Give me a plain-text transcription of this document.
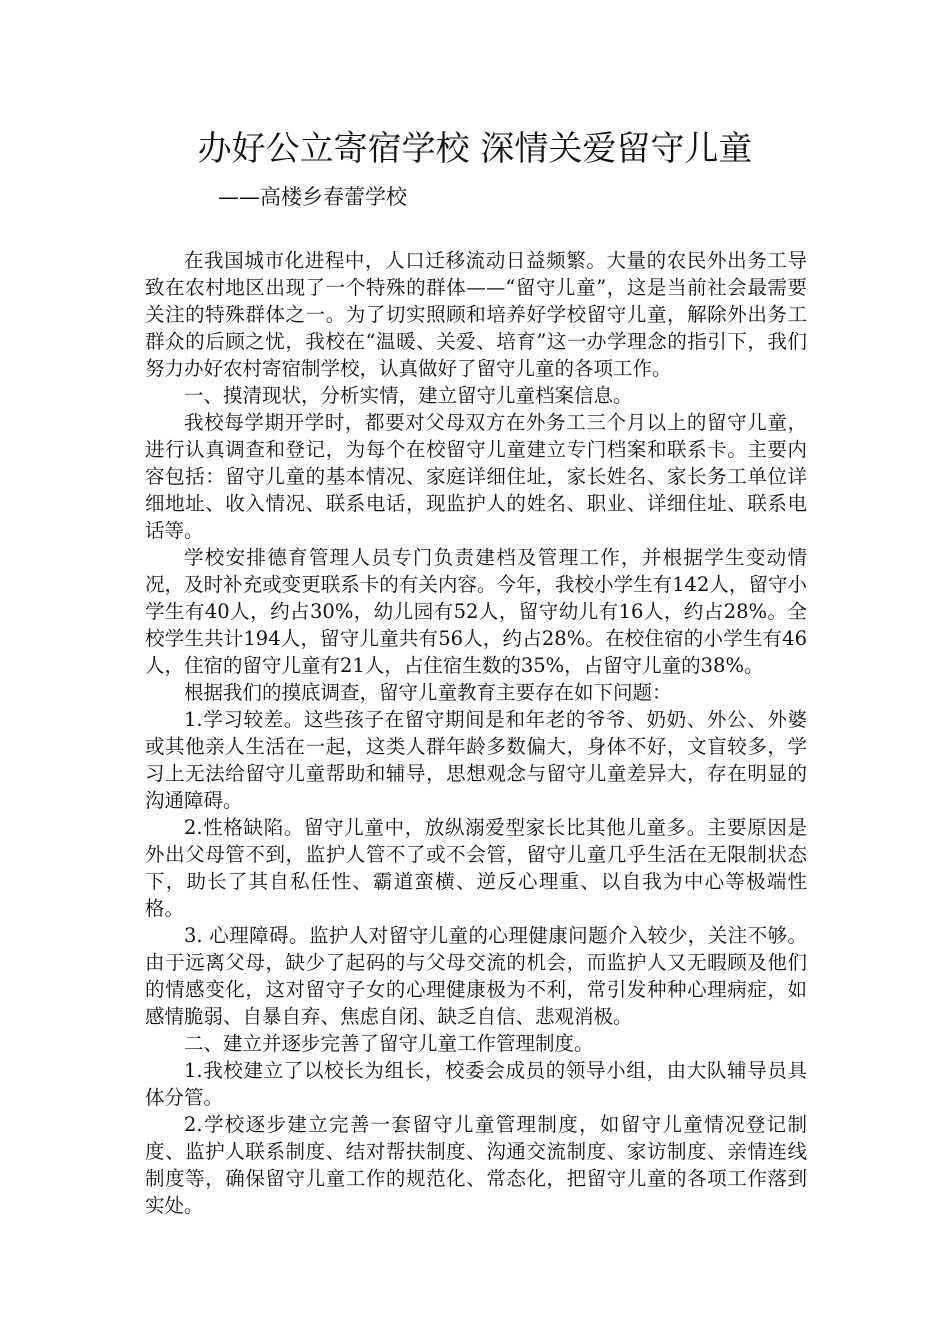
办好公立寄宿学校 深情关爱留守儿童
——高楼乡春蕾学校

在我国城市化进程中，人口迁移流动日益频繁。大量的农民外出务工导致在农村地区出现了一个特殊的群体——“留守儿童”，这是当前社会最需要关注的特殊群体之一。为了切实照顾和培养好学校留守儿童，解除外出务工群众的后顾之忧，我校在“温暖、关爱、培育”这一办学理念的指引下，我们努力办好农村寄宿制学校，认真做好了留守儿童的各项工作。

一、摸清现状，分析实情，建立留守儿童档案信息。

我校每学期开学时，都要对父母双方在外务工三个月以上的留守儿童，进行认真调查和登记，为每个在校留守儿童建立专门档案和联系卡。主要内容包括：留守儿童的基本情况、家庭详细住址，家长姓名、家长务工单位详细地址、收入情况、联系电话，现监护人的姓名、职业、详细住址、联系电话等。

学校安排德育管理人员专门负责建档及管理工作，并根据学生变动情况，及时补充或变更联系卡的有关内容。今年，我校小学生有142人，留守小学生有40人，约占30%，幼儿园有52人，留守幼儿有16人，约占28%。全校学生共计194人，留守儿童共有56人，约占28%。在校住宿的小学生有46人，住宿的留守儿童有21人，占住宿生数的35%，占留守儿童的38%。

根据我们的摸底调查，留守儿童教育主要存在如下问题：

1.学习较差。这些孩子在留守期间是和年老的爷爷、奶奶、外公、外婆或其他亲人生活在一起，这类人群年龄多数偏大，身体不好，文盲较多，学习上无法给留守儿童帮助和辅导，思想观念与留守儿童差异大，存在明显的沟通障碍。

2.性格缺陷。留守儿童中，放纵溺爱型家长比其他儿童多。主要原因是外出父母管不到，监护人管不了或不会管，留守儿童几乎生活在无限制状态下，助长了其自私任性、霸道蛮横、逆反心理重、以自我为中心等极端性格。

3. 心理障碍。监护人对留守儿童的心理健康问题介入较少，关注不够。由于远离父母，缺少了起码的与父母交流的机会，而监护人又无暇顾及他们的情感变化，这对留守子女的心理健康极为不利，常引发种种心理病症，如感情脆弱、自暴自弃、焦虑自闭、缺乏自信、悲观消极。

二、建立并逐步完善了留守儿童工作管理制度。

1.我校建立了以校长为组长，校委会成员的领导小组，由大队辅导员具体分管。

2.学校逐步建立完善一套留守儿童管理制度，如留守儿童情况登记制度、监护人联系制度、结对帮扶制度、沟通交流制度、家访制度、亲情连线制度等，确保留守儿童工作的规范化、常态化，把留守儿童的各项工作落到实处。
